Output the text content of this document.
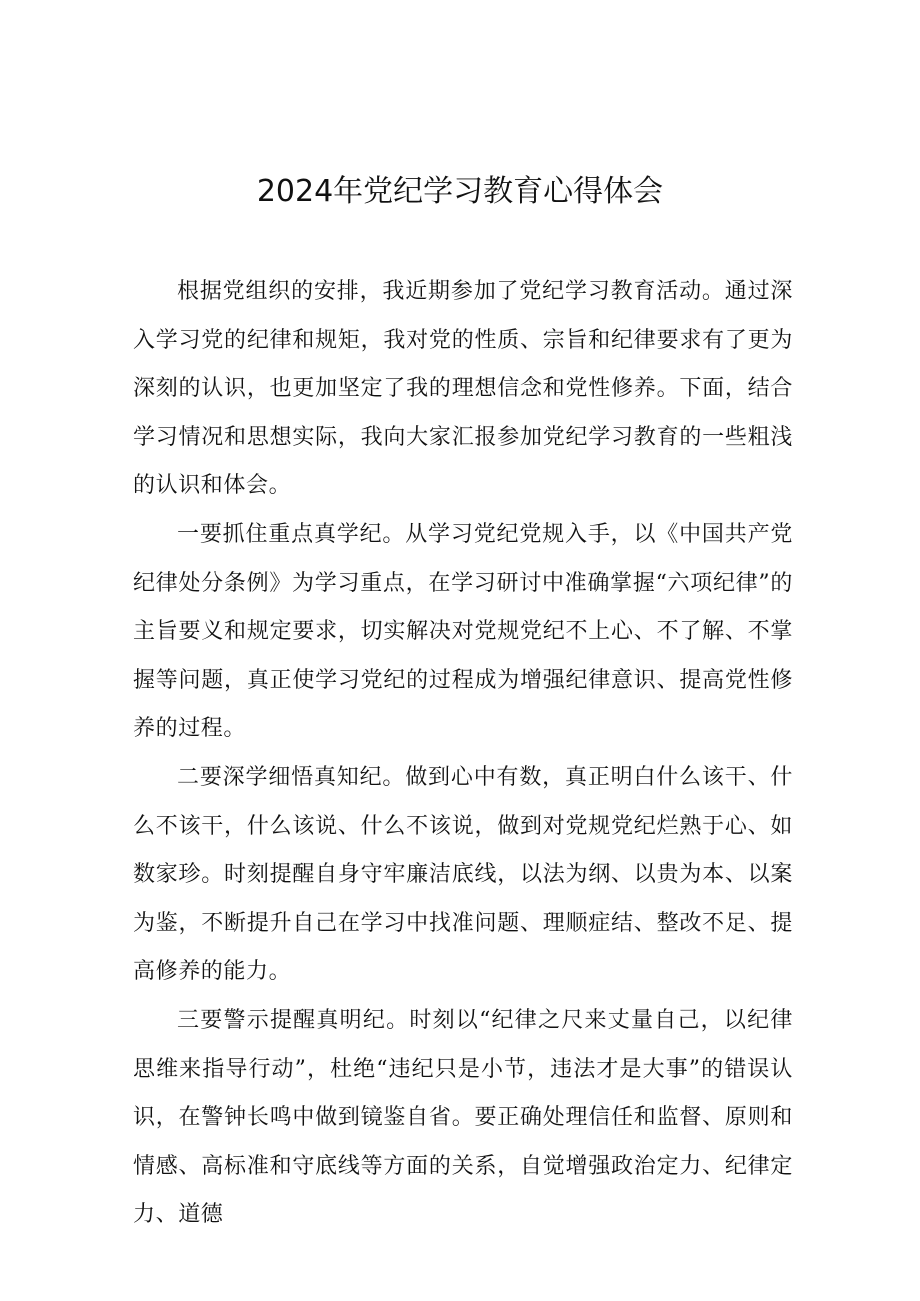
2024年党纪学习教育心得体会

根据党组织的安排，我近期参加了党纪学习教育活动。通过深入学习党的纪律和规矩，我对党的性质、宗旨和纪律要求有了更为深刻的认识，也更加坚定了我的理想信念和党性修养。下面，结合学习情况和思想实际，我向大家汇报参加党纪学习教育的一些粗浅的认识和体会。

一要抓住重点真学纪。从学习党纪党规入手，以《中国共产党纪律处分条例》为学习重点，在学习研讨中准确掌握“六项纪律”的主旨要义和规定要求，切实解决对党规党纪不上心、不了解、不掌握等问题，真正使学习党纪的过程成为增强纪律意识、提高党性修养的过程。

二要深学细悟真知纪。做到心中有数，真正明白什么该干、什么不该干，什么该说、什么不该说，做到对党规党纪烂熟于心、如数家珍。时刻提醒自身守牢廉洁底线，以法为纲、以贵为本、以案为鉴，不断提升自己在学习中找准问题、理顺症结、整改不足、提高修养的能力。

三要警示提醒真明纪。时刻以“纪律之尺来丈量自己，以纪律思维来指导行动”，杜绝“违纪只是小节，违法才是大事”的错误认识，在警钟长鸣中做到镜鉴自省。要正确处理信任和监督、原则和情感、高标准和守底线等方面的关系，自觉增强政治定力、纪律定力、道德
